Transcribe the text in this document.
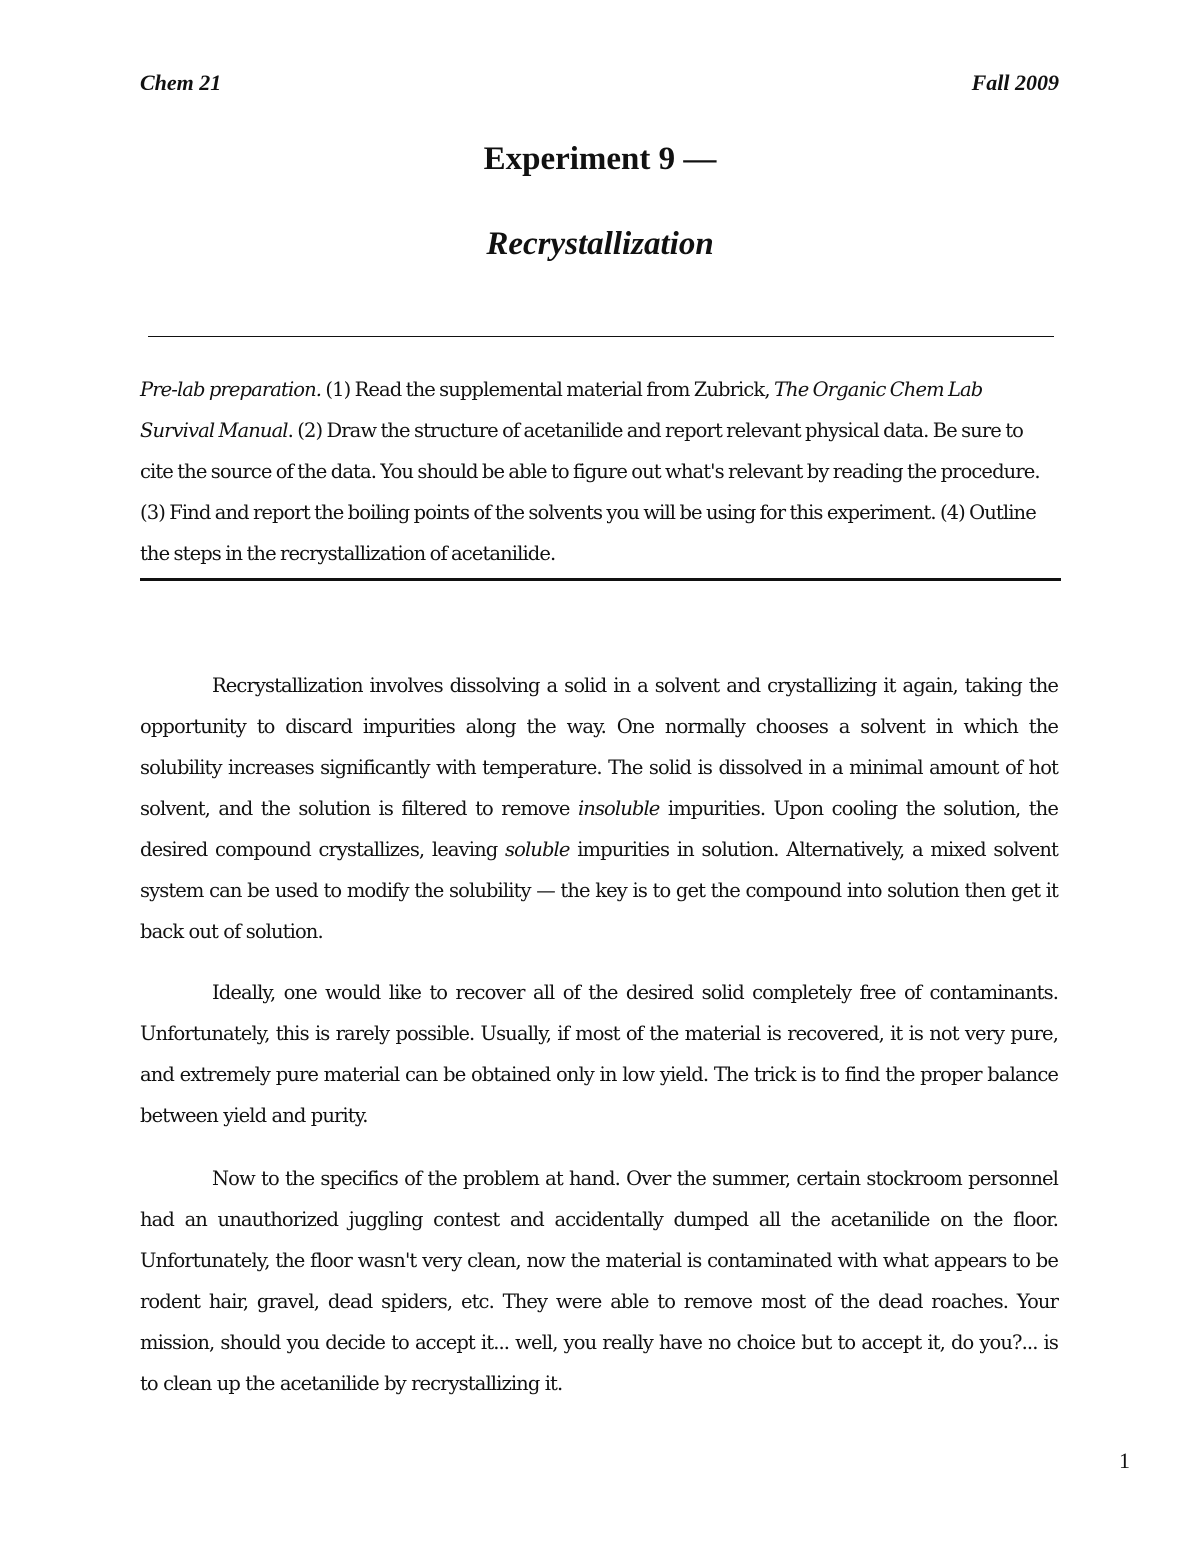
Chem 21	Fall 2009
Experiment 9 —
Recrystallization

Pre-lab preparation. (1) Read the supplemental material from Zubrick, The Organic Chem Lab Survival Manual. (2) Draw the structure of acetanilide and report relevant physical data. Be sure to cite the source of the data. You should be able to figure out what's relevant by reading the procedure. (3) Find and report the boiling points of the solvents you will be using for this experiment. (4) Outline the steps in the recrystallization of acetanilide.

Recrystallization involves dissolving a solid in a solvent and crystallizing it again, taking the opportunity to discard impurities along the way. One normally chooses a solvent in which the solubility increases significantly with temperature. The solid is dissolved in a minimal amount of hot solvent, and the solution is filtered to remove insoluble impurities. Upon cooling the solution, the desired compound crystallizes, leaving soluble impurities in solution. Alternatively, a mixed solvent system can be used to modify the solubility — the key is to get the compound into solution then get it back out of solution.

Ideally, one would like to recover all of the desired solid completely free of contaminants. Unfortunately, this is rarely possible. Usually, if most of the material is recovered, it is not very pure, and extremely pure material can be obtained only in low yield. The trick is to find the proper balance between yield and purity.

Now to the specifics of the problem at hand. Over the summer, certain stockroom personnel had an unauthorized juggling contest and accidentally dumped all the acetanilide on the floor. Unfortunately, the floor wasn't very clean, now the material is contaminated with what appears to be rodent hair, gravel, dead spiders, etc. They were able to remove most of the dead roaches. Your mission, should you decide to accept it... well, you really have no choice but to accept it, do you?... is to clean up the acetanilide by recrystallizing it.

1
